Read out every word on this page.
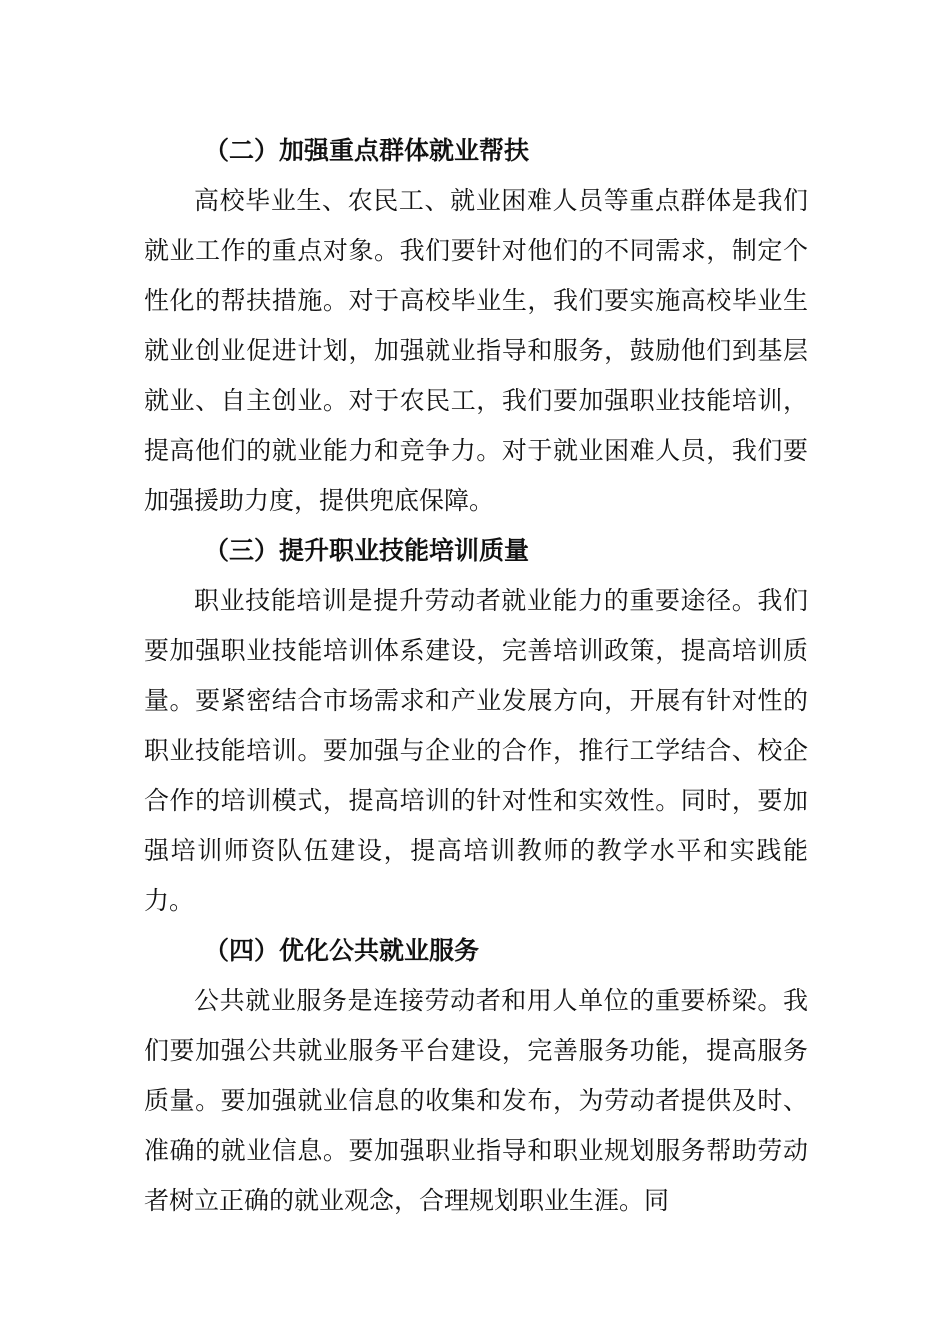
（二）加强重点群体就业帮扶

高校毕业生、农民工、就业困难人员等重点群体是我们就业工作的重点对象。我们要针对他们的不同需求，制定个性化的帮扶措施。对于高校毕业生，我们要实施高校毕业生就业创业促进计划，加强就业指导和服务，鼓励他们到基层就业、自主创业。对于农民工，我们要加强职业技能培训，提高他们的就业能力和竞争力。对于就业困难人员，我们要加强援助力度，提供兜底保障。

（三）提升职业技能培训质量

职业技能培训是提升劳动者就业能力的重要途径。我们要加强职业技能培训体系建设，完善培训政策，提高培训质量。要紧密结合市场需求和产业发展方向，开展有针对性的职业技能培训。要加强与企业的合作，推行工学结合、校企合作的培训模式，提高培训的针对性和实效性。同时，要加强培训师资队伍建设，提高培训教师的教学水平和实践能力。

（四）优化公共就业服务

公共就业服务是连接劳动者和用人单位的重要桥梁。我们要加强公共就业服务平台建设，完善服务功能，提高服务质量。要加强就业信息的收集和发布，为劳动者提供及时、准确的就业信息。要加强职业指导和职业规划服务帮助劳动者树立正确的就业观念，合理规划职业生涯。同
